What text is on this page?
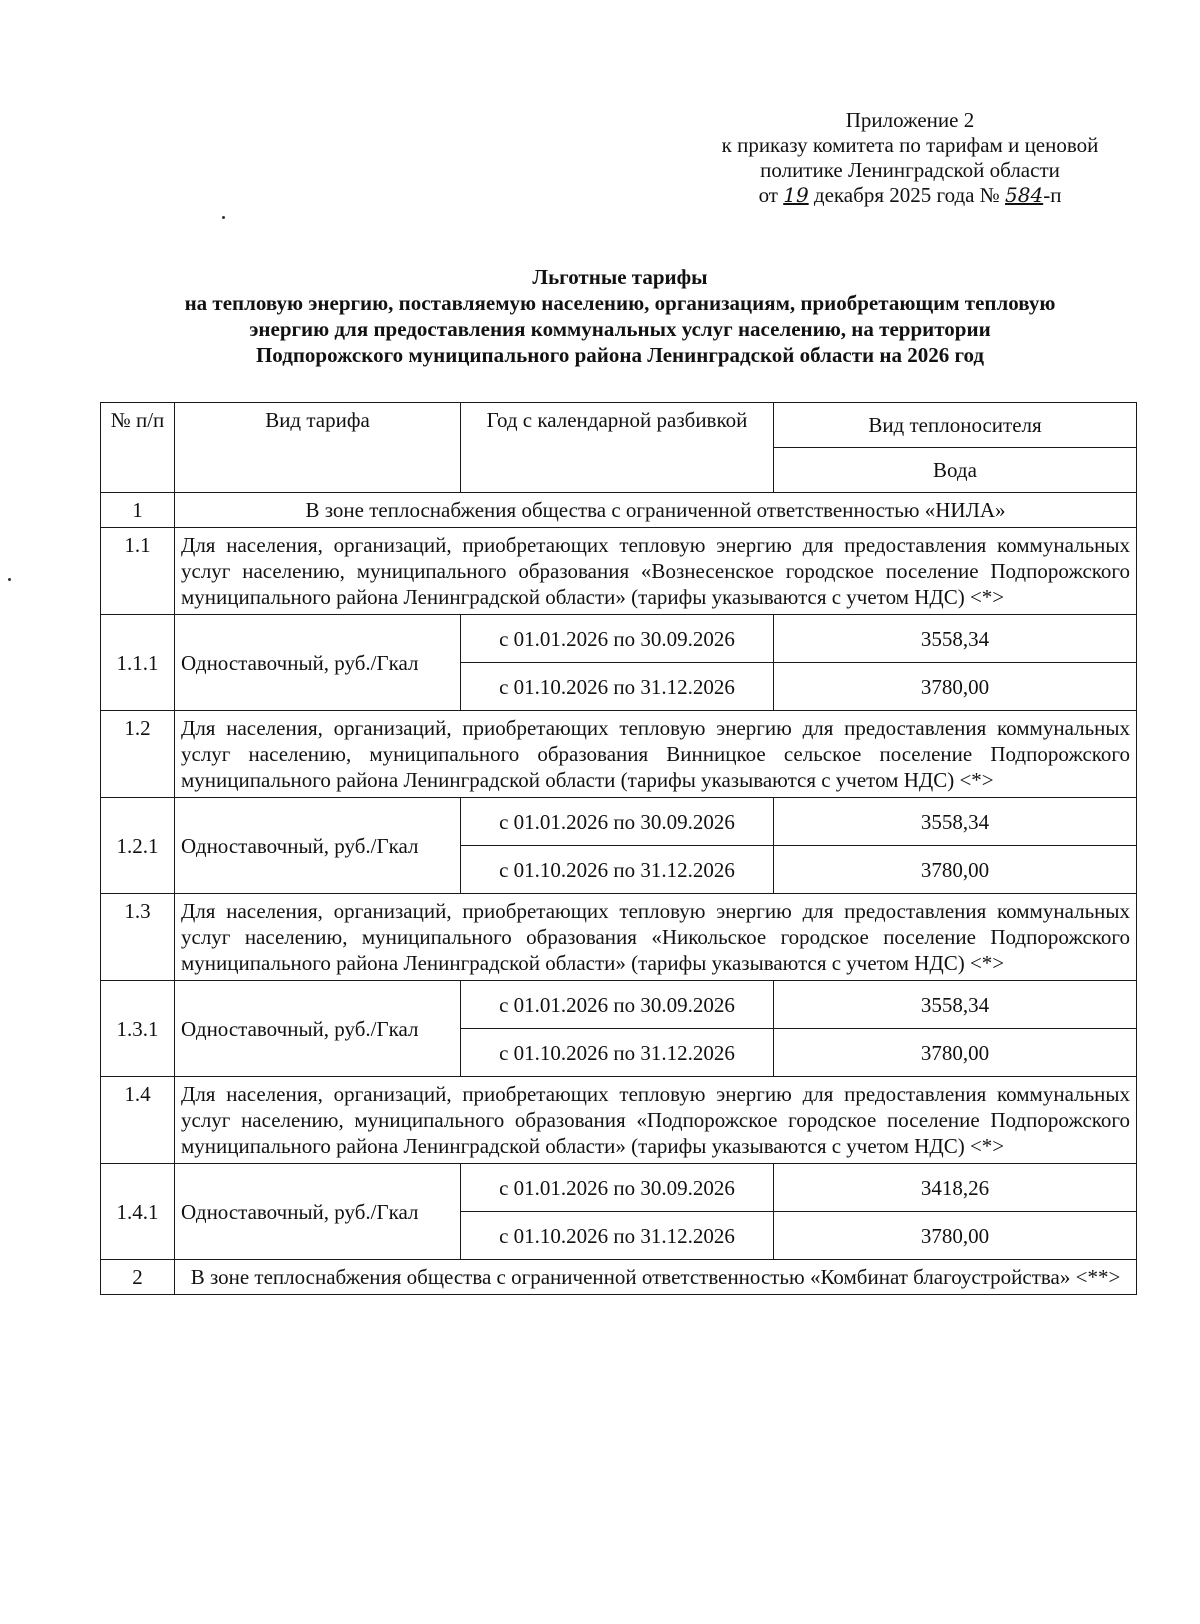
Приложение 2
к приказу комитета по тарифам и ценовой
политике Ленинградской области
от 19 декабря 2025 года № 584-п
Льготные тарифы
на тепловую энергию, поставляемую населению, организациям, приобретающим тепловую
энергию для предоставления коммунальных услуг населению, на территории
Подпорожского муниципального района Ленинградской области на 2026 год
№ п/п	Вид тарифа	Год с календарной разбивкой	Вид теплоносителя
			Вода
1	В зоне теплоснабжения общества с ограниченной ответственностью «НИЛА»		
1.1	Для населения, организаций, приобретающих тепловую энергию для предоставления коммунальных услуг населению, муниципального образования «Вознесенское городское поселение Подпорожского муниципального района Ленинградской области» (тарифы указываются с учетом НДС) <*>		
1.1.1	Одноставочный, руб./Гкал	с 01.01.2026 по 30.09.2026	3558,34
		с 01.10.2026 по 31.12.2026	3780,00
1.2	Для населения, организаций, приобретающих тепловую энергию для предоставления коммунальных услуг населению, муниципального образования Винницкое сельское поселение Подпорожского муниципального района Ленинградской области (тарифы указываются с учетом НДС) <*>		
1.2.1	Одноставочный, руб./Гкал	с 01.01.2026 по 30.09.2026	3558,34
		с 01.10.2026 по 31.12.2026	3780,00
1.3	Для населения, организаций, приобретающих тепловую энергию для предоставления коммунальных услуг населению, муниципального образования «Никольское городское поселение Подпорожского муниципального района Ленинградской области» (тарифы указываются с учетом НДС) <*>		
1.3.1	Одноставочный, руб./Гкал	с 01.01.2026 по 30.09.2026	3558,34
		с 01.10.2026 по 31.12.2026	3780,00
1.4	Для населения, организаций, приобретающих тепловую энергию для предоставления коммунальных услуг населению, муниципального образования «Подпорожское городское поселение Подпорожского муниципального района Ленинградской области» (тарифы указываются с учетом НДС) <*>		
1.4.1	Одноставочный, руб./Гкал	с 01.01.2026 по 30.09.2026	3418,26
		с 01.10.2026 по 31.12.2026	3780,00
2	В зоне теплоснабжения общества с ограниченной ответственностью «Комбинат благоустройства» <**>		
